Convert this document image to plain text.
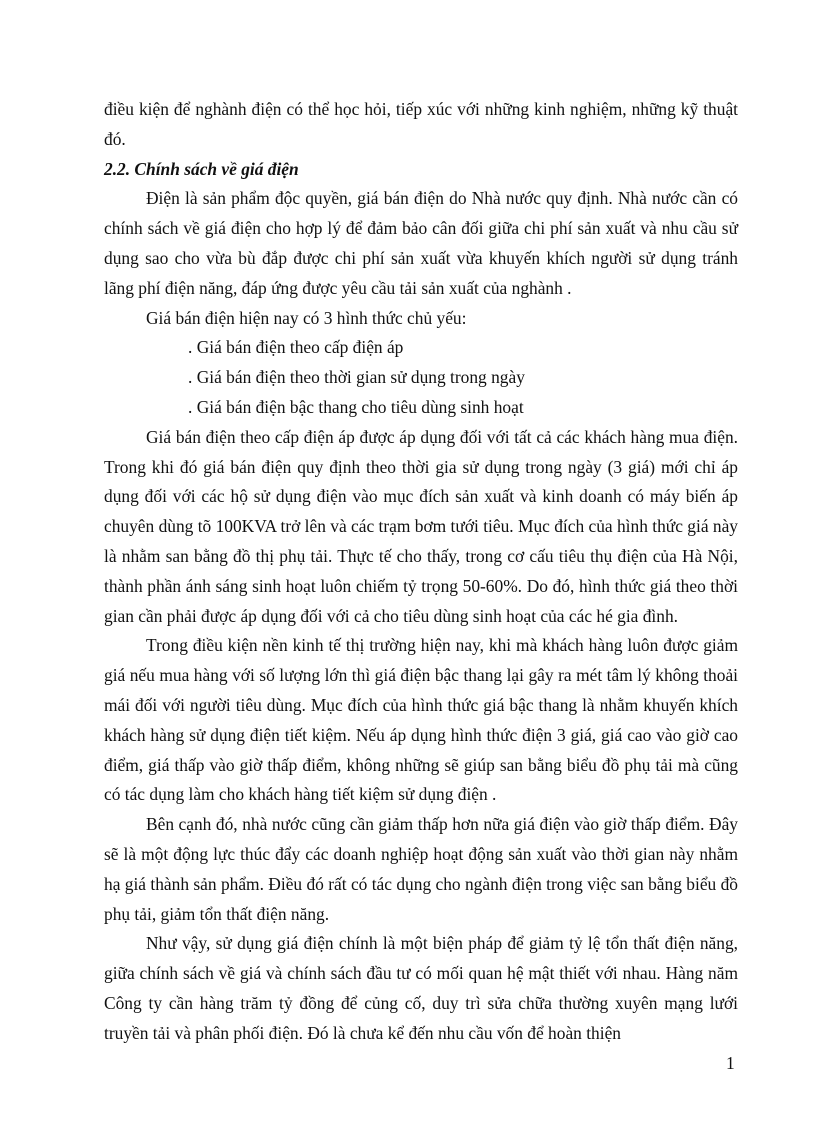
điều kiện để nghành điện có thể học hỏi, tiếp xúc với những kinh nghiệm, những kỹ thuật đó.

2.2. Chính sách về giá điện

Điện là sản phẩm độc quyền, giá bán điện do Nhà nước quy định. Nhà nước cần có chính sách về giá điện cho hợp lý để đảm bảo cân đối giữa chi phí sản xuất và nhu cầu sử dụng sao cho vừa bù đắp được chi phí sản xuất vừa khuyến khích người sử dụng tránh lãng phí điện năng, đáp ứng được yêu cầu tải sản xuất của nghành .

Giá bán điện hiện nay có 3 hình thức chủ yếu:

. Giá bán điện theo cấp điện áp
. Giá bán điện theo thời gian sử dụng trong ngày
. Giá bán điện bậc thang cho tiêu dùng sinh hoạt

Giá bán điện theo cấp điện áp được áp dụng đối với tất cả các khách hàng mua điện. Trong khi đó giá bán điện quy định theo thời gia sử dụng trong ngày (3 giá) mới chỉ áp dụng đối với các hộ sử dụng điện vào mục đích sản xuất và kinh doanh có máy biến áp chuyên dùng tõ 100KVA trở lên và các trạm bơm tưới tiêu. Mục đích của hình thức giá này là nhằm san bằng đồ thị phụ tải. Thực tế cho thấy, trong cơ cấu tiêu thụ điện của Hà Nội, thành phần ánh sáng sinh hoạt luôn chiếm tỷ trọng 50-60%. Do đó, hình thức giá theo thời gian cần phải được áp dụng đối với cả cho tiêu dùng sinh hoạt của các hé gia đình.

Trong điều kiện nền kinh tế thị trường hiện nay, khi mà khách hàng luôn được giảm giá nếu mua hàng với số lượng lớn thì giá điện bậc thang lại gây ra mét tâm lý không thoải mái đối với người tiêu dùng. Mục đích của hình thức giá bậc thang là nhằm khuyến khích khách hàng sử dụng điện tiết kiệm. Nếu áp dụng hình thức điện 3 giá, giá cao vào giờ cao điểm, giá thấp vào giờ thấp điểm, không những sẽ giúp san bằng biểu đồ phụ tải mà cũng có tác dụng làm cho khách hàng tiết kiệm sử dụng điện .

Bên cạnh đó, nhà nước cũng cần giảm thấp hơn nữa giá điện vào giờ thấp điểm. Đây sẽ là một động lực thúc đẩy các doanh nghiệp hoạt động sản xuất vào thời gian này nhằm hạ giá thành sản phẩm. Điều đó rất có tác dụng cho ngành điện trong việc san bằng biểu đồ phụ tải, giảm tổn thất điện năng.

Như vậy, sử dụng giá điện chính là một biện pháp để giảm tỷ lệ tổn thất điện năng, giữa chính sách về giá và chính sách đầu tư có mối quan hệ mật thiết với nhau. Hàng năm Công ty cần hàng trăm tỷ đồng để củng cố, duy trì sửa chữa thường xuyên mạng lưới truyền tải và phân phối điện. Đó là chưa kể đến nhu cầu vốn để hoàn thiện

1
